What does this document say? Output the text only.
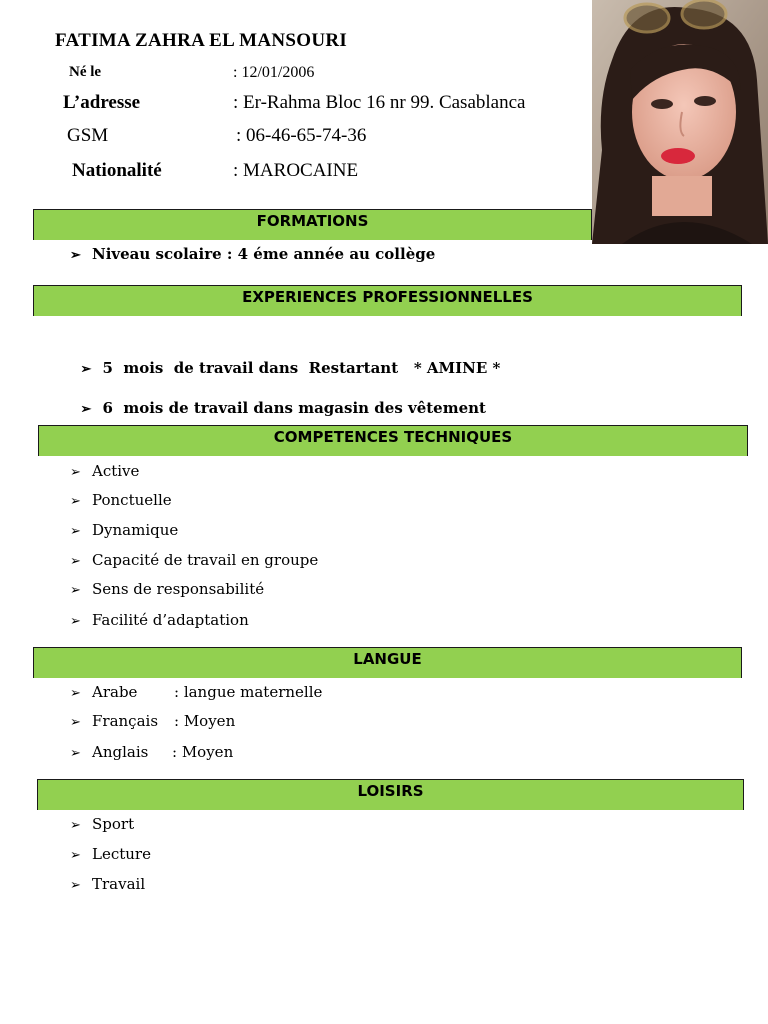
FATIMA ZAHRA EL MANSOURI
Né le	: 12/01/2006
L’adresse	: Er-Rahma Bloc 16 nr 99. Casablanca
GSM	: 06-46-65-74-36
Nationalité	: MAROCAINE
FORMATIONS
➢ Niveau scolaire : 4 éme année au collège
EXPERIENCES PROFESSIONNELLES

➢ 5  mois  de travail dans  Restartant   * AMINE *

➢ 6  mois de travail dans magasin des vêtement

COMPETENCES TECHNIQUES
➢ Active
➢ Ponctuelle
➢ Dynamique
➢ Capacité de travail en groupe
➢ Sens de responsabilité
➢ Facilité d’adaptation
LANGUE
➢ Arabe : langue maternelle
➢ Français : Moyen
➢ Anglais : Moyen
LOISIRS
➢ Sport
➢ Lecture
➢ Travail
